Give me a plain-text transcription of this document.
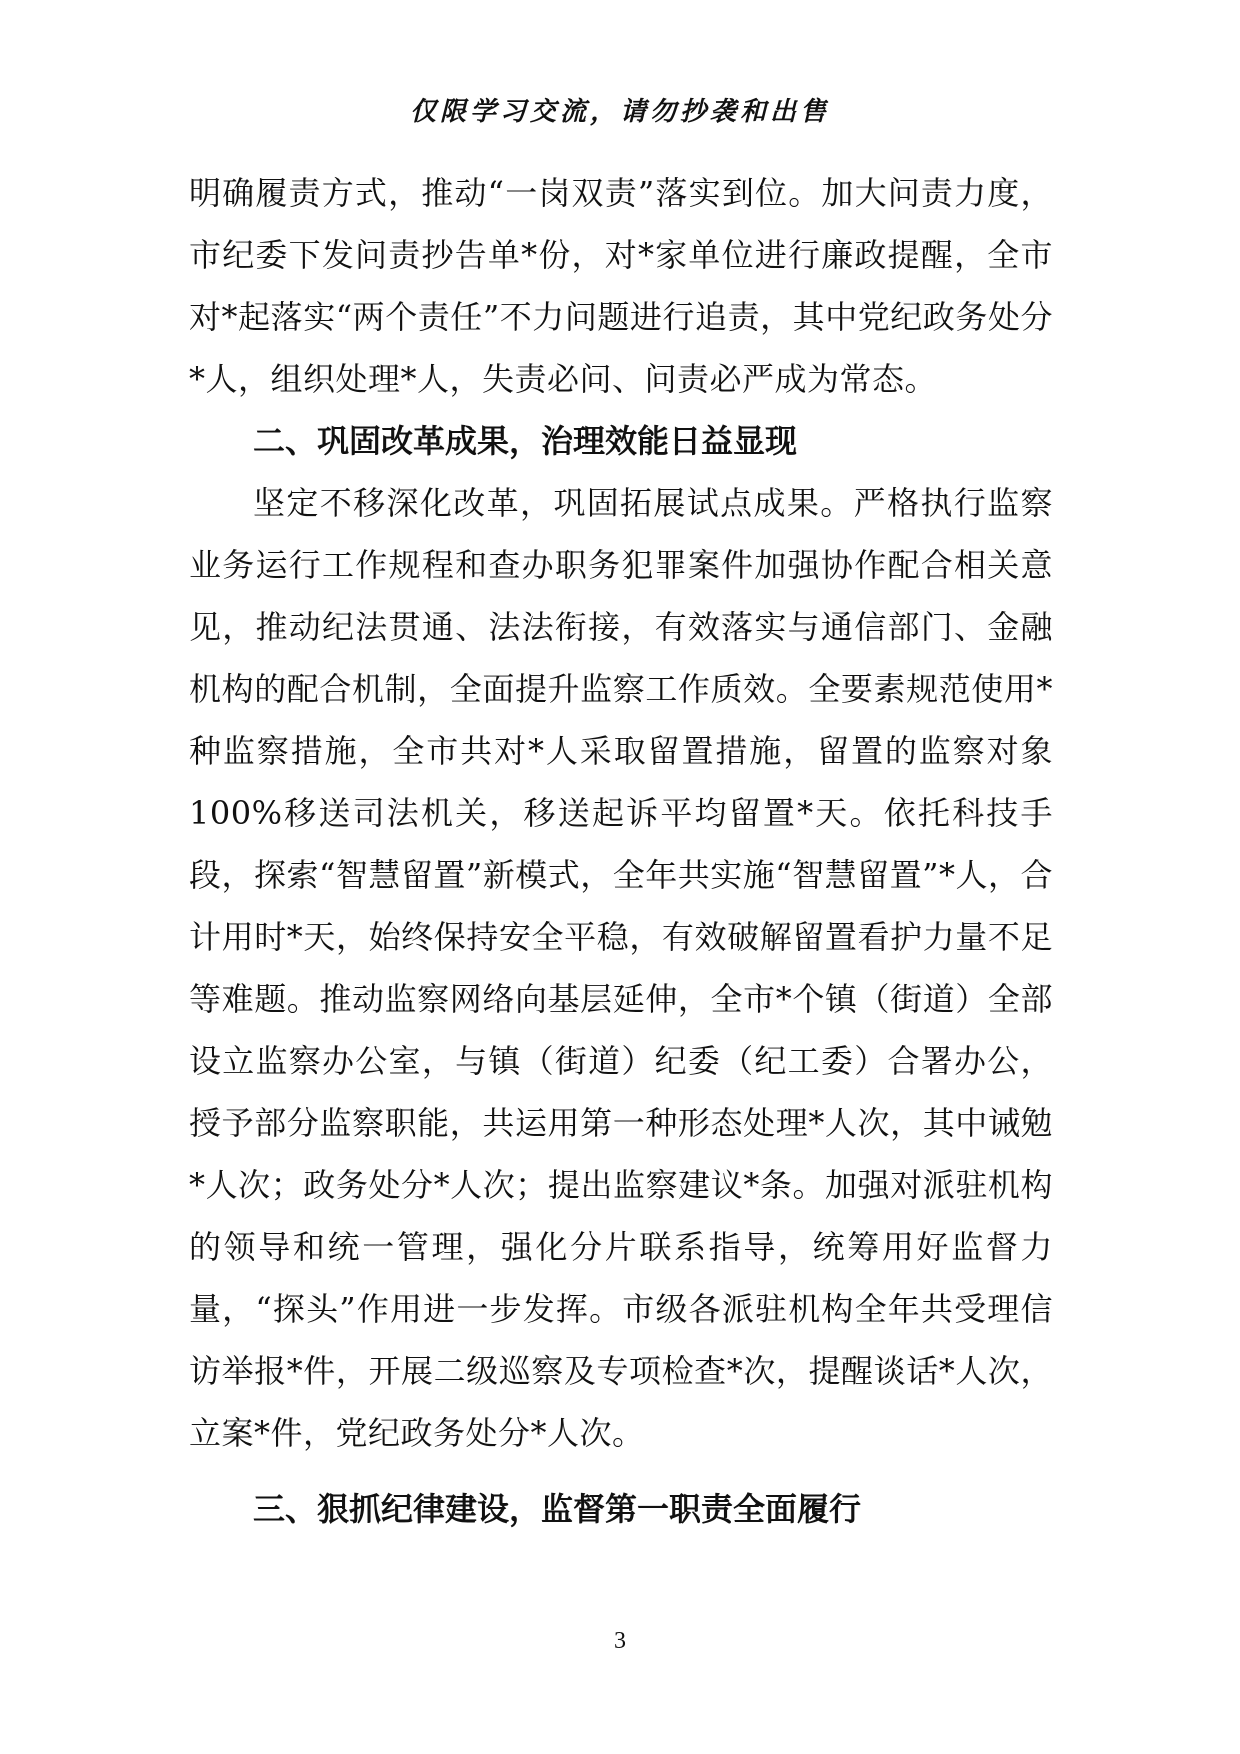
仅限学习交流，请勿抄袭和出售

明确履责方式，推动“一岗双责”落实到位。加大问责力度，市纪委下发问责抄告单*份，对*家单位进行廉政提醒，全市对*起落实“两个责任”不力问题进行追责，其中党纪政务处分*人，组织处理*人，失责必问、问责必严成为常态。

二、巩固改革成果，治理效能日益显现

坚定不移深化改革，巩固拓展试点成果。严格执行监察业务运行工作规程和查办职务犯罪案件加强协作配合相关意见，推动纪法贯通、法法衔接，有效落实与通信部门、金融机构的配合机制，全面提升监察工作质效。全要素规范使用*种监察措施，全市共对*人采取留置措施，留置的监察对象100%移送司法机关，移送起诉平均留置*天。依托科技手段，探索“智慧留置”新模式，全年共实施“智慧留置”*人，合计用时*天，始终保持安全平稳，有效破解留置看护力量不足等难题。推动监察网络向基层延伸，全市*个镇（街道）全部设立监察办公室，与镇（街道）纪委（纪工委）合署办公，授予部分监察职能，共运用第一种形态处理*人次，其中诫勉*人次；政务处分*人次；提出监察建议*条。加强对派驻机构的领导和统一管理，强化分片联系指导，统筹用好监督力量，“探头”作用进一步发挥。市级各派驻机构全年共受理信访举报*件，开展二级巡察及专项检查*次，提醒谈话*人次，立案*件，党纪政务处分*人次。

三、狠抓纪律建设，监督第一职责全面履行

3
